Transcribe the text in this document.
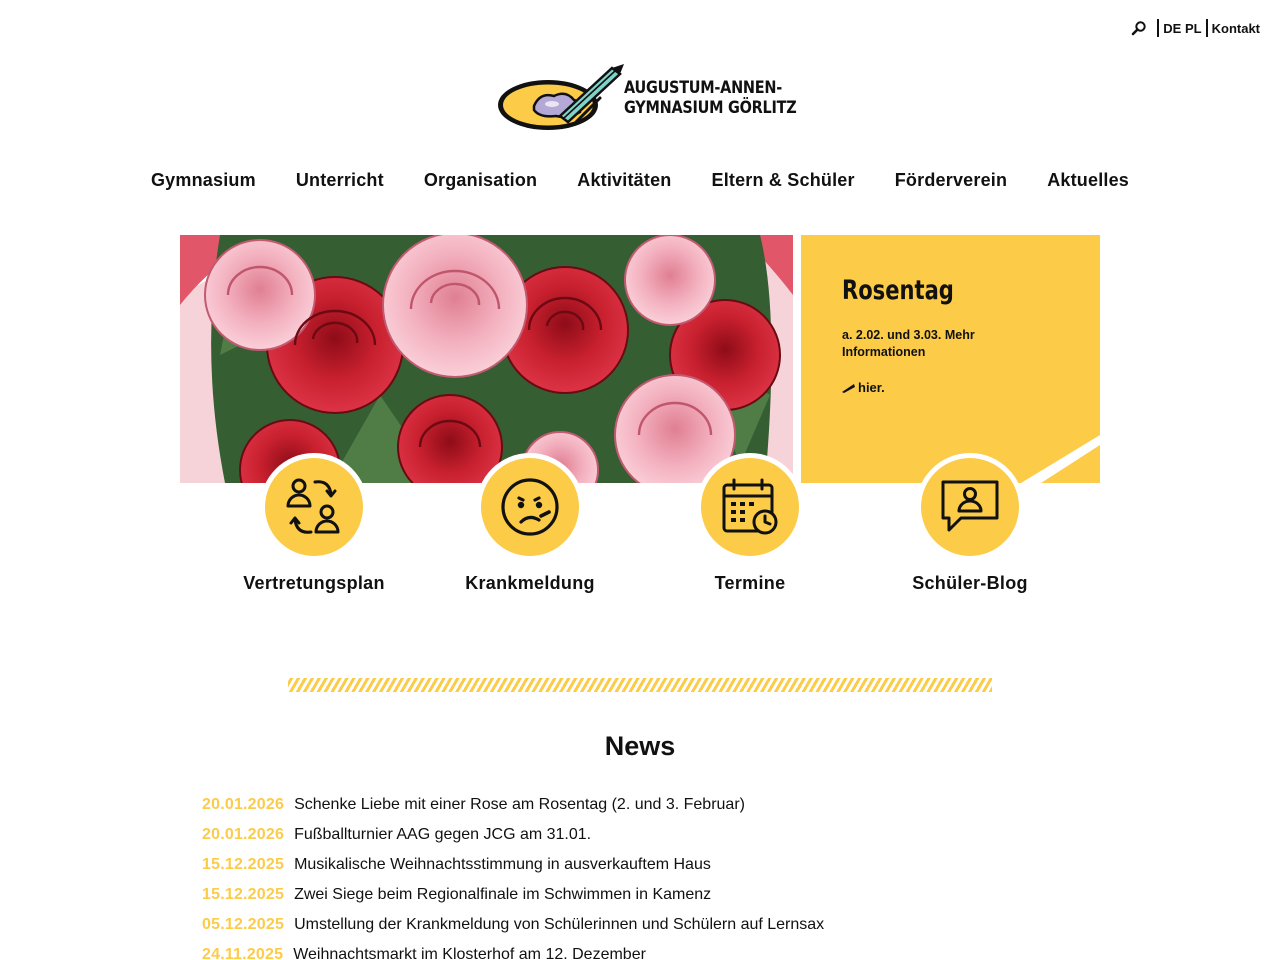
DE
PL Kontakt
AUGUSTUM-ANNEN-
GYMNASIUM GÖRLITZ
Gymnasium Unterricht Organisation Aktivitäten Eltern & Schüler Förderverein Aktuelles
Rosentag
a. 2.02. und 3.03. Mehr Informationen
hier.
Vertretungsplan	Krankmeldung	Termine	Schüler-Blog
News
20.01.2026 Schenke Liebe mit einer Rose am Rosentag (2. und 3. Februar)
20.01.2026 Fußballturnier AAG gegen JCG am 31.01.
15.12.2025 Musikalische Weihnachtsstimmung in ausverkauftem Haus
15.12.2025 Zwei Siege beim Regionalfinale im Schwimmen in Kamenz
05.12.2025 Umstellung der Krankmeldung von Schülerinnen und Schülern auf Lernsax
24.11.2025 Weihnachtsmarkt im Klosterhof am 12. Dezember
